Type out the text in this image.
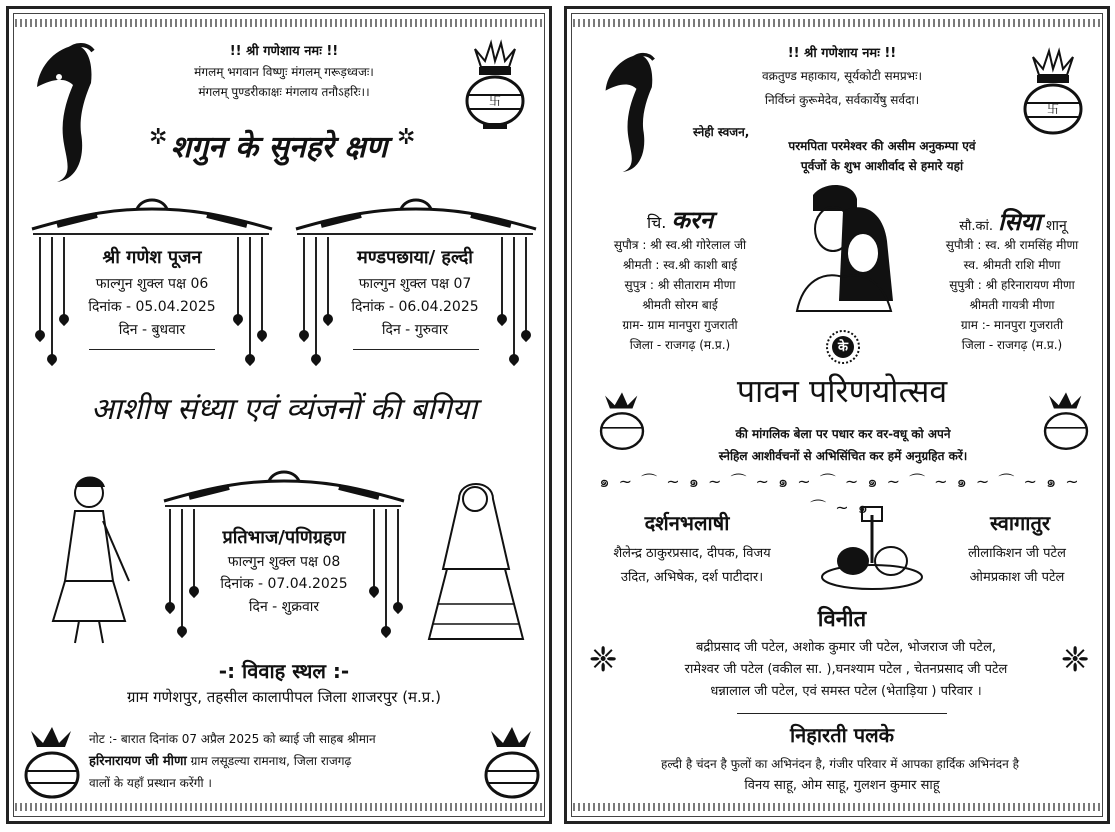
卐
!! श्री गणेशाय नमः !!
मंगलम् भगवान विष्णुः मंगलम् गरूड़ध्वजः।
मंगलम् पुण्डरीकाक्षः मंगलाय तनौऽहरिः।।
✲	✲
शगुन के सुनहरे क्षण
श्री गणेश पूजन
फाल्गुन शुक्ल पक्ष 06
दिनांक - 05.04.2025
दिन - बुधवार
मण्डपछाया/ हल्दी
फाल्गुन शुक्ल पक्ष 07
दिनांक - 06.04.2025
दिन - गुरुवार
आशीष संध्या एवं व्यंजनों की बगिया
प्रतिभाज/पणिग्रहण
फाल्गुन शुक्ल पक्ष 08
दिनांक - 07.04.2025
दिन - शुक्रवार
-: विवाह स्थल :-
ग्राम गणेशपुर, तहसील कालापीपल जिला शाजरपुर (म.प्र.)
नोट :- बारात दिनांक 07 अप्रैल 2025 को ब्याई जी साहब श्रीमान
हरिनारायण जी मीणा ग्राम लसूडल्या रामनाथ, जिला राजगढ़
वालों के यहाँ प्रस्थान करेंगी ।
卐
!! श्री गणेशाय नमः !!
वक्रतुण्ड महाकाय, सूर्यकोटी समप्रभः।
निर्विघ्नं कुरूमेदेव, सर्वकार्येषु सर्वदा।
स्नेही स्वजन,
परमपिता परमेश्वर की असीम अनुकम्पा एवं
पूर्वजों के शुभ आशीर्वाद से हमारे यहां
चि. करन
सुपौत्र : श्री स्व.श्री गोरेलाल जी
श्रीमती : स्व.श्री काशी बाई
सुपुत्र : श्री सीताराम मीणा
श्रीमती सोरम बाई
ग्राम- ग्राम मानपुरा गुजराती
जिला - राजगढ़ (म.प्र.)	के
सौ.कां. सिया शानू
सुपौत्री : स्व. श्री रामसिंह मीणा
स्व. श्रीमती राशि मीणा
सुपुत्री : श्री हरिनारायण मीणा
श्रीमती गायत्री मीणा
ग्राम :- मानपुरा गुजराती
जिला - राजगढ़ (म.प्र.)
पावन परिणयोत्सव
की मांगलिक बेला पर पधार कर वर-वधू को अपने
स्नेहिल आशीर्वचनों से अभिसिंचित कर हमें अनुग्रहित करें।
๑ ~ ⌒ ~ ๑ ~ ⌒ ~ ๑ ~ ⌒ ~ ๑ ~ ⌒ ~ ๑ ~ ⌒ ~ ๑ ~ ⌒ ~ ๑
दर्शनभलाषी
शैलेन्द्र ठाकुरप्रसाद, दीपक, विजय
उदित, अभिषेक, दर्श पाटीदार।
स्वागातुर
लीलाकिशन जी पटेल
ओमप्रकाश जी पटेल
विनीत
❈	❈
बद्रीप्रसाद जी पटेल, अशोक कुमार जी पटेल, भोजराज जी पटेल,
रामेश्वर जी पटेल (वकील सा. ),घनश्याम पटेल , चेतनप्रसाद जी पटेल
धन्नालाल जी पटेल, एवं समस्त पटेल (भेताड़िया ) परिवार ।
निहारती पलके
हल्दी है चंदन है फुलों का अभिनंदन है, गंजीर परिवार में आपका हार्दिक अभिनंदन है
विनय साहू, ओम साहू, गुलशन कुमार साहू
